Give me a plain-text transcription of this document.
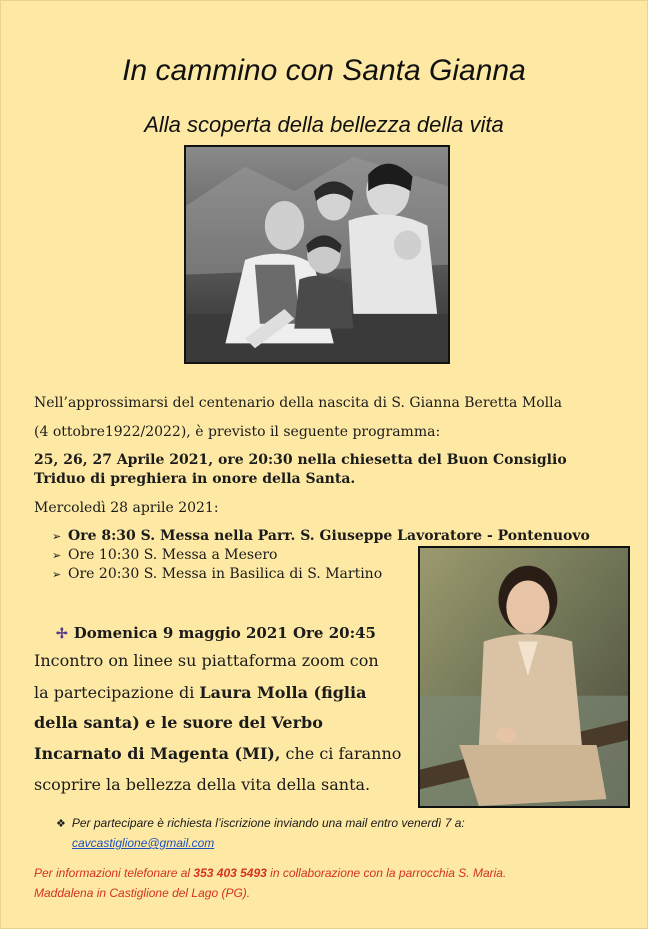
In cammino con Santa Gianna
Alla scoperta della bellezza della vita
Nell’approssimarsi del centenario della nascita di S. Gianna Beretta Molla
(4 ottobre1922/2022), è previsto il seguente programma:
25, 26, 27 Aprile 2021, ore 20:30 nella chiesetta del Buon Consiglio
Triduo di preghiera in onore della Santa.
Mercoledì 28 aprile 2021:
➢ Ore 8:30 S. Messa nella Parr. S. Giuseppe Lavoratore - Pontenuovo
➢ Ore 10:30 S. Messa a Mesero
➢ Ore 20:30 S. Messa in Basilica di S. Martino
✢ Domenica 9 maggio 2021 Ore 20:45
Incontro on linee su piattaforma zoom con
la partecipazione di Laura Molla (figlia
della santa) e le suore del Verbo
Incarnato di Magenta (MI), che ci faranno
scoprire la bellezza della vita della santa.
❖ Per partecipare è richiesta l’iscrizione inviando una mail entro venerdì 7 a:
cavcastiglione@gmail.com
Per informazioni telefonare al 353 403 5493 in collaborazione con la parrocchia S. Maria.
Maddalena in Castiglione del Lago (PG).
